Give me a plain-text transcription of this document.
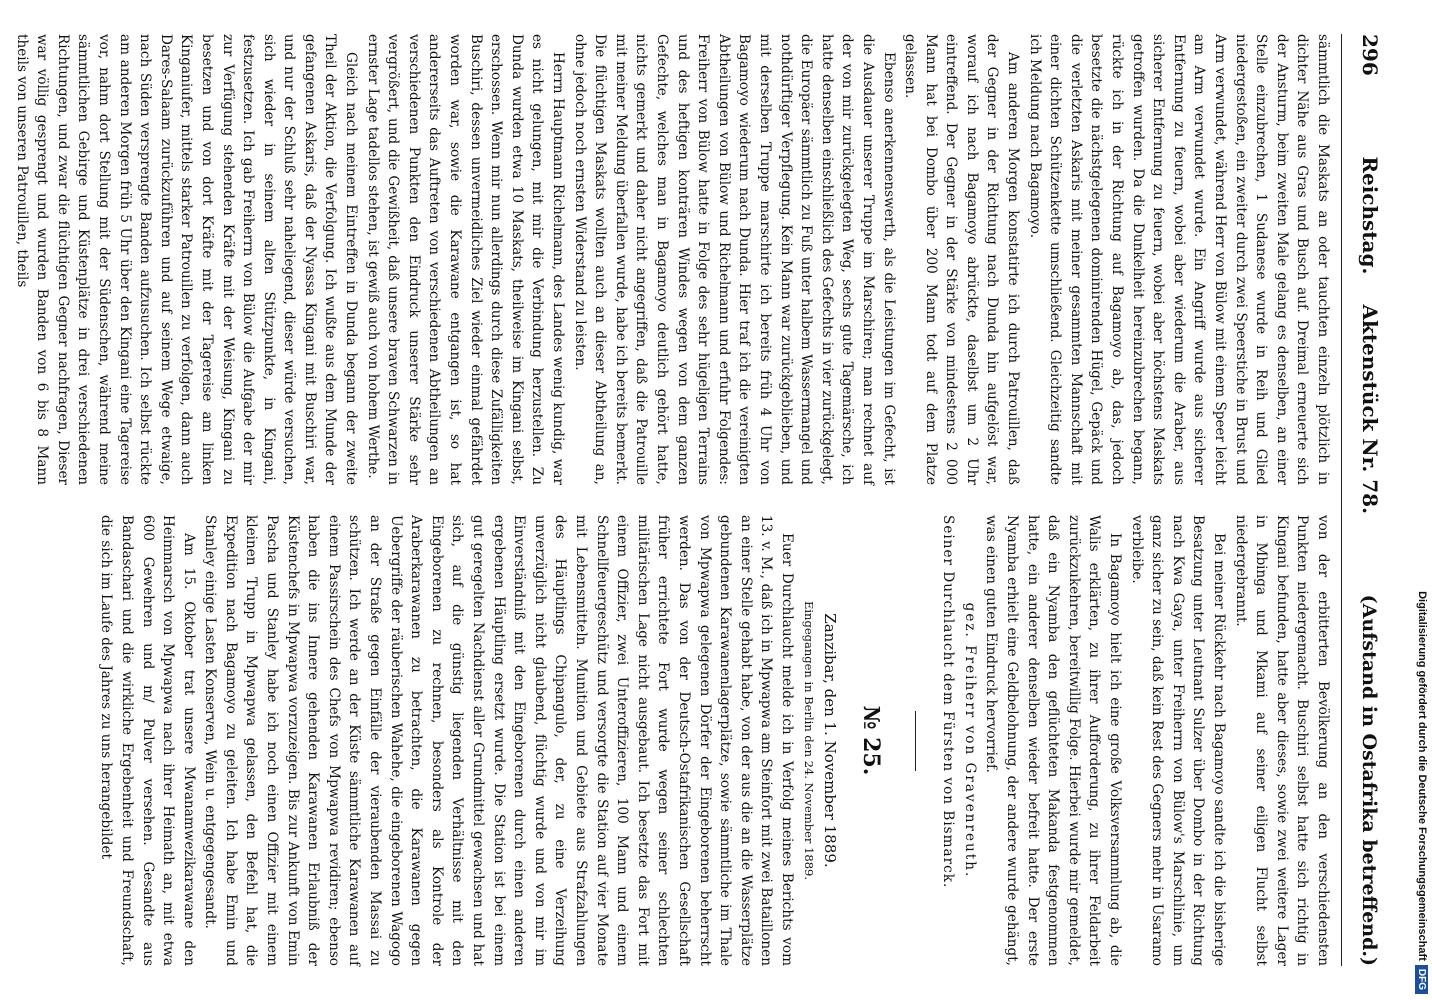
296
Reichstag.
Aktenstück Nr. 78.
(Aufstand in Ostafrika betreffend.)

sämmtlich die Maskats an oder tauchten einzeln plötzlich in dichter Nähe aus Gras und Busch auf. Dreimal erneuerte sich der Ansturm, beim zweiten Male gelang es denselben, an einer Stelle einzubrechen, 1 Sudanese wurde in Reih und Glied niedergestoßen, ein zweiter durch zwei Speerstiche in Brust und Arm verwundet, während Herr von Bülow mit einem Speer leicht am Arm verwundet wurde. Ein Angriff wurde aus sicherer Entfernung zu feuern, wobei aber wiederum die Araber, aus sicherer Entfernung zu feuern, wobei aber höchstens Maskats getroffen wurden. Da die Dunkelheit hereinzubrechen begann, rückte ich in der Richtung auf Bagamoyo ab, das, jedoch besetzte die nächstgelegenen dominirenden Hügel, Gepäck und die verletzten Askaris mit meiner gesammten Mannschaft mit einer dichten Schützenkette umschließend. Gleichzeitig sandte ich Meldung nach Bagamoyo.

Am anderen Morgen konstatirte ich durch Patrouillen, daß der Gegner in der Richtung nach Dunda hin aufgelöst war, worauf ich nach Bagamoyo abrückte, daselbst um 2 Uhr eintreffend. Der Gegner in der Stärke von mindestens 2 000 Mann hat bei Dombo über 200 Mann todt auf dem Platze gelassen.

Ebenso anerkennenswerth, als die Leistungen im Gefecht, ist die Ausdauer unserer Truppe im Marschiren; man rechnet auf der von mir zurückgelegten Weg, sechs gute Tagemärsche, ich hatte denselben einschließlich des Gefechts in vier zurückgelegt, die Europäer sämmtlich zu Fuß unter halbem Wassermangel und nothdürftiger Verpflegung. Kein Mann war zurückgeblieben, und mit derselben Truppe marschirte ich bereits früh 4 Uhr von Bagamoyo wiederum nach Dunda. Hier traf ich die vereinigten Abtheilungen von Bülow und Richelmann und erfuhr Folgendes: Freiherr von Bülow hatte in Folge des sehr hügeligen Terrains und des heftigen konträren Windes wegen von dem ganzen Gefechte, welches man in Bagamoyo deutlich gehört hatte, nichts gemerkt und daher nicht angegriffen, daß die Patrouille mit meiner Meldung überfallen wurde, habe ich bereits bemerkt. Die flüchtigen Maskats wollten auch an dieser Abtheilung an, ohne jedoch noch ernsten Widerstand zu leisten.

Herrn Hauptmann Richelmann, des Landes wenig kundig, war es nicht gelungen, mit mir die Verbindung herzustellen. Zu Dunda wurden etwa 10 Maskats, theilweise im Kingani selbst, erschossen. Wenn mir nun allerdings durch diese Zufälligkeiten Buschiri, dessen unvermeidliches Ziel wieder einmal gefährdet worden war, sowie die Karawane entgangen ist, so hat andererseits das Auftreten von verschiedenen Abtheilungen an verschiedenen Punkten den Eindruck unserer Stärke sehr vergrößert, und die Gewißheit, daß unsere braven Schwarzen in ernster Lage tadellos stehen, ist gewiß auch von hohem Werthe.

Gleich nach meinem Eintreffen in Dunda begann der zweite Theil der Aktion, die Verfolgung. Ich wußte aus dem Munde der gefangenen Askaris, daß der Nyassa Kingani mit Buschiri war, und nur der Schluß sehr naheliegend, dieser würde versuchen, sich wieder in seinem alten Stützpunkte, in Kingani, festzusetzen. Ich gab Freiherrn von Bülow die Aufgabe der mir zur Verfügung stehenden Kräfte mit der Weisung, Kingani zu besetzen und von dort Kräfte mit der Tagereise am linken Kinganiufer, mittels starker Patrouillen zu verfolgen, dann auch Dares-Salaam zurückzuführen und auf seinem Wege etwaige, nach Süden versprengte Banden aufzusuchen. Ich selbst rückte am anderen Morgen früh 5 Uhr über den Kingani eine Tagereise vor, nahm dort Stellung mit der Südenschen, während meine sämmtlichen Gebirge und Küstenplätze in drei verschiedenen Richtungen, und zwar die flüchtigen Gegner nachfragen, Dieser war völlig gesprengt und wurden Banden von 6 bis 8 Mann theils von unseren Patrouillen, theils

von der erbitterten Bevölkerung an den verschiedensten Punkten niedergemacht. Buschiri selbst hatte sich richtig in Kingani befunden, hatte aber dieses, sowie zwei weitere Lager in Mbinga und Mkami auf seiner eiligen Flucht selbst niedergebrannt.

Bei meiner Rückkehr nach Bagamoyo sandte ich die bisherige Besatzung unter Leutnant Sulzer über Dombo in der Richtung nach Kwa Gaya, unter Freiherrn von Bülow's Marschlinie, um ganz sicher zu sein, daß kein Rest des Gegners mehr in Usaramo verbleibe.

In Bagamoyo hielt ich eine große Volksversammlung ab, die Walis erklärten, zu ihrer Aufforderung, zu ihrer Feldarbeit zurückzukehren, bereitwillig Folge. Hierbei wurde mir gemeldet, daß ein Nyamba den geflüchteten Makanda festgenommen hatte, ein anderer denselben wieder befreit hatte. Der erste Nyamba erhielt eine Geldbelohnung, der andere wurde gehängt, was einen guten Eindruck hervorrief.

gez. Freiherr von Gravenreuth.

Seiner Durchlaucht dem Fürsten von Bismarck.

№ 25.

Zanzibar, den 1. November 1889.

Eingegangen in Berlin den 24. November 1889.

Euer Durchlaucht melde ich in Verfolg meines Berichts vom 13. v. M., daß ich in Mpwapwa am Steinfort mit zwei Bataillonen an einer Stelle gehabt habe, von der aus die an die Wasserplätze gebundenen Karawanenlagerplätze, sowie sämmtliche im Thale von Mpwapwa gelegenen Dörfer der Eingeborenen beherrscht werden. Das von der Deutsch-Ostafrikanischen Gesellschaft früher errichtete Fort wurde wegen seiner schlechten militärischen Lage nicht ausgebaut. Ich besetzte das Fort mit einem Offizier, zwei Unteroffizieren, 100 Mann und einem Schnellfeuergeschütz und versorgte die Station auf vier Monate mit Lebensmitteln. Munition und Gebiete aus Strafzahlungen des Häuptlings Chipangulo, der, zu eine Verzeihung unverzüglich nicht glaubend, flüchtig wurde und von mir im Einverständniß mit den Eingeborenen durch einen anderen ergebenen Häuptling ersetzt wurde. Die Station ist bei einem gut geregelten Nachdienst aller Grundmittel gewachsen und hat sich, auf die günstig liegenden Verhältnisse mit den Eingeborenen zu rechnen, besonders als Kontrole der Araberkarawanen zu betrachten, die Karawanen gegen Uebergriffe der räuberischen Wahehe, die eingeborenen Wagogo an der Straße gegen Einfälle der vieraubenden Massai zu schützen. Ich werde an der Küste sämmtliche Karawanen auf einem Passirschein des Chefs von Mpwapwa revidiren; ebenso haben die ins Innere gehenden Karawanen Erlaubniß der Küstenchefs in Mpwapwa vorzuzeigen. Bis zur Ankunft von Emin Pascha und Stanley habe ich noch einen Offizier mit einem kleinen Trupp in Mpwapwa gelassen, den Befehl hat, die Expedition nach Bagamoyo zu geleiten. Ich habe Emin und Stanley einige Lasten Konserven, Wein u. entgegengesandt.

Am 15. Oktober trat unsere Mwanamwezikarawane den Heimmarsch von Mpwapwa nach ihrer Heimath an, mit etwa 600 Gewehren und m/ Pulver versehen. Gesandte aus Bandaschari und die wirkliche Ergebenheit und Freundschaft, die sich im Laufe des Jahres zu uns herangebildet	Digitalisierung gefördert durch die Deutsche Forschungsgemeinschaft
DFG
